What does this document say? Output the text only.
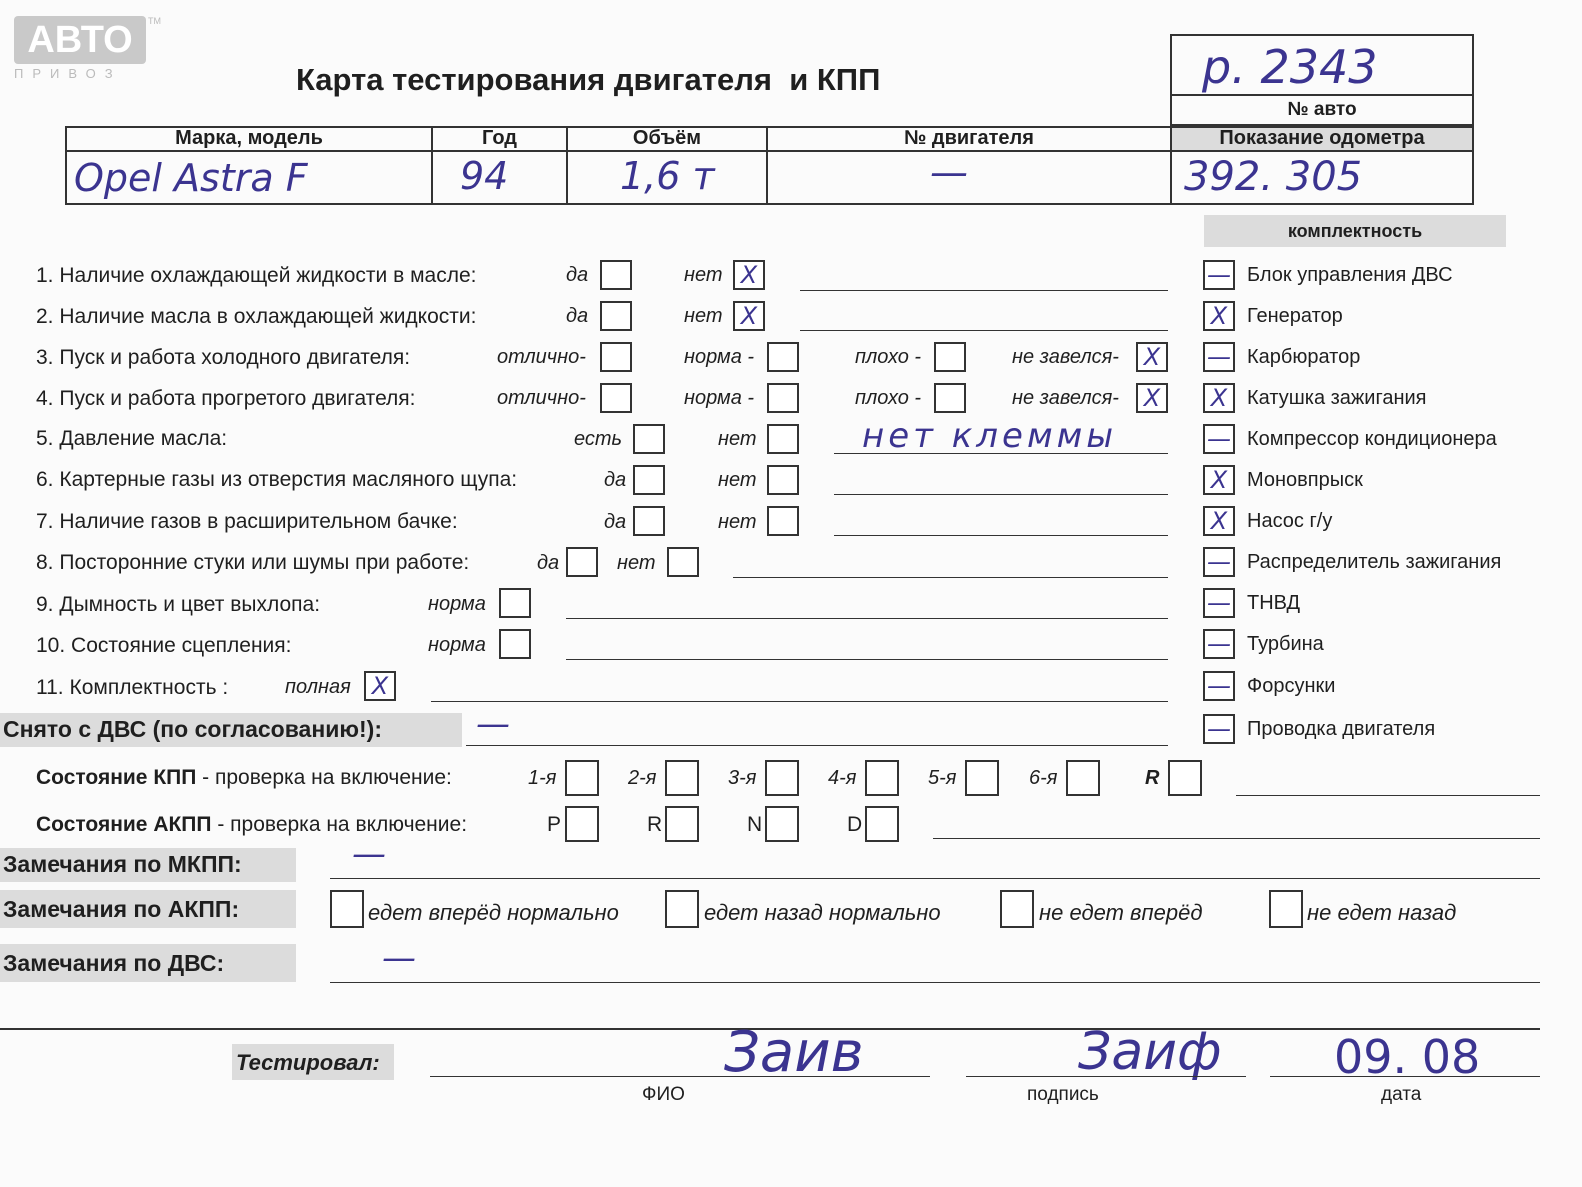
АВТО	TM
ПРИВОЗ	Карта тестирования двигателя  и КПП	р. 2343
№ авто
Марка, модель	Год	Объём	№ двигателя	Показание одометра
Opel Astra F	94	1,6 т	—	392. 305
комплектность
1. Наличие охлаждающей жидкости в масле:	да	нет X
2. Наличие масла в охлаждающей жидкости:	да	нет X
3. Пуск и работа холодного двигателя:	отлично-	норма -	плохо -	не завелся- X
4. Пуск и работа прогретого двигателя:	отлично-	норма -	плохо -	не завелся- X
5. Давление масла:	есть	нет	нет клеммы
6. Картерные газы из отверстия масляного щупа:	да	нет
7. Наличие газов в расширительном бачке:	да	нет
8. Посторонние стуки или шумы при работе:	да	нет
9. Дымность и цвет выхлопа:	норма
10. Состояние сцепления:	норма
11. Комплектность :	полная X
— Блок управления ДВС
X Генератор
— Карбюратор
X Катушка зажигания
— Компрессор кондиционера
X Моновпрыск
X Насос г/у
— Распределитель зажигания
— ТНВД
— Турбина
— Форсунки
— Проводка двигателя
Снято с ДВС (по согласованию!):	—
Состояние КПП - проверка на включение:	1-я	2-я	3-я	4-я	5-я	6-я	R
Состояние АКПП - проверка на включение:	P	R	N	D
Замечания по МКПП:	—
Замечания по АКПП:	едет вперёд нормально	едет назад нормально	не едет вперёд	не едет назад
Замечания по ДВС:	—
Тестировал:	Заив
ФИО
Заиф
подпись
09. 08
дата
